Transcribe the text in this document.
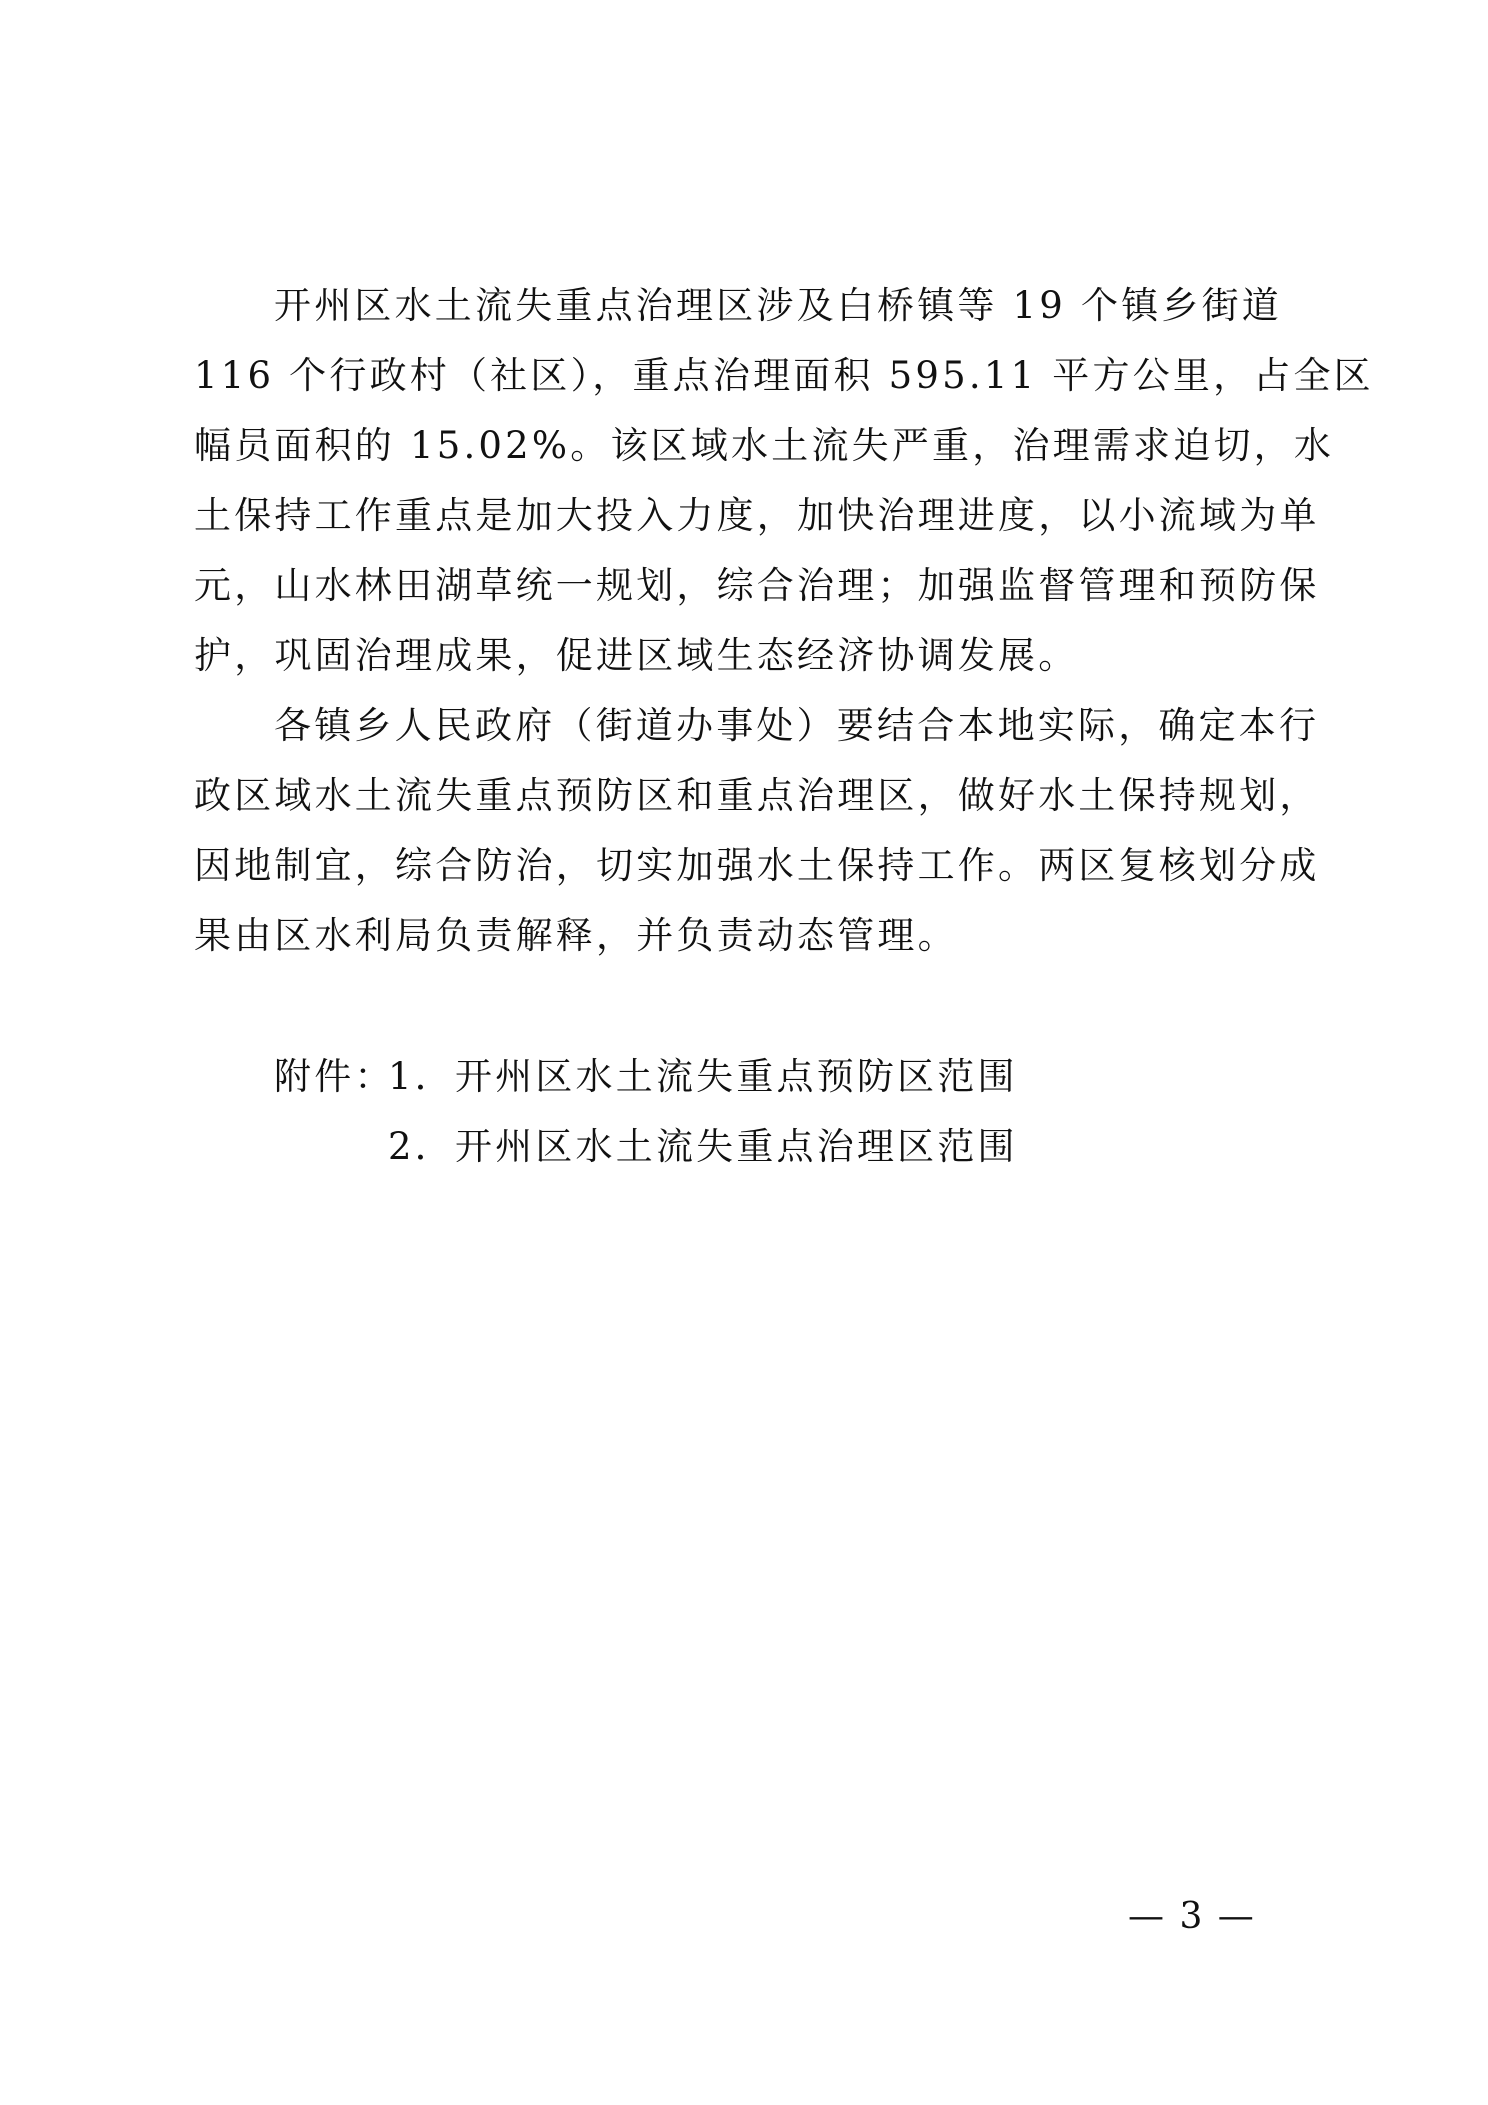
开州区水土流失重点治理区涉及白桥镇等 19 个镇乡街道
116 个行政村（社区），重点治理面积 595.11 平方公里，占全区
幅员面积的 15.02%。该区域水土流失严重，治理需求迫切，水
土保持工作重点是加大投入力度，加快治理进度，以小流域为单
元，山水林田湖草统一规划，综合治理；加强监督管理和预防保
护，巩固治理成果，促进区域生态经济协调发展。
各镇乡人民政府（街道办事处）要结合本地实际，确定本行
政区域水土流失重点预防区和重点治理区，做好水土保持规划，
因地制宜，综合防治，切实加强水土保持工作。两区复核划分成
果由区水利局负责解释，并负责动态管理。
附件：
1．开州区水土流失重点预防区范围
2．开州区水土流失重点治理区范围
— 3 —
